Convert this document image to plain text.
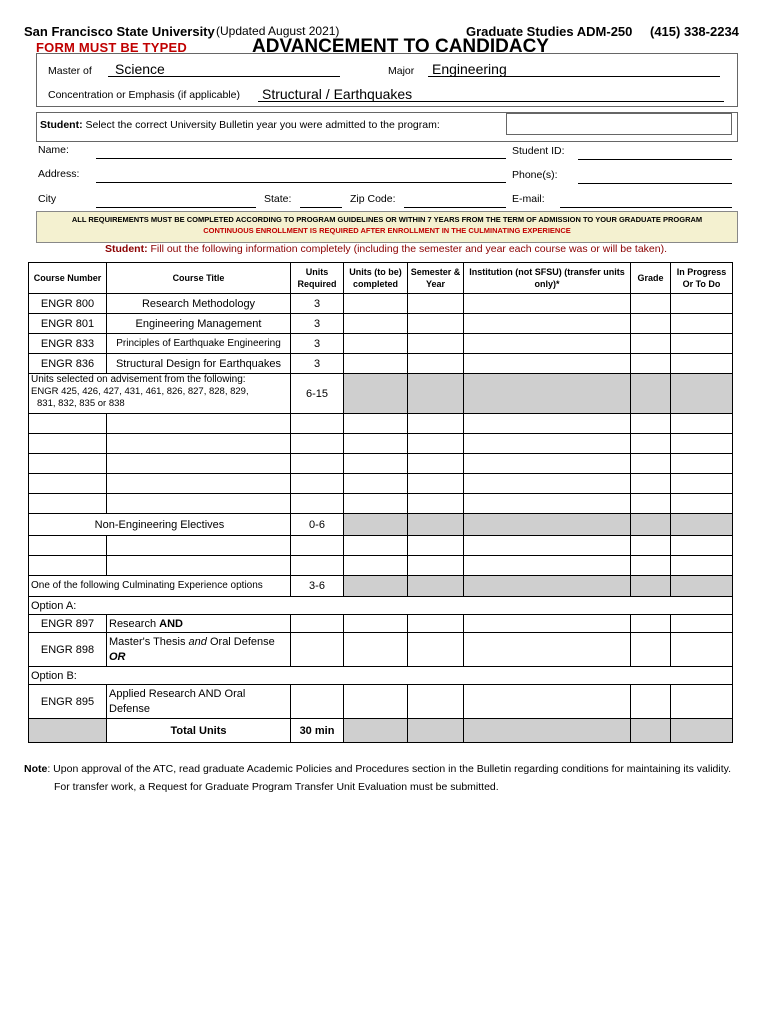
San Francisco State University (Updated August 2021)	Graduate Studies ADM-250 (415) 338-2234
FORM MUST BE TYPED	ADVANCEMENT TO CANDIDACY
Master of Science	Major Engineering
Concentration or Emphasis (if applicable) Structural / Earthquakes
Student: Select the correct University Bulletin year you were admitted to the program:
Name:	Student ID:
Address:	Phone(s):
City	State:	Zip Code:	E-mail:
ALL REQUIREMENTS MUST BE COMPLETED ACCORDING TO PROGRAM GUIDELINES OR WITHIN 7 YEARS FROM THE TERM OF ADMISSION TO YOUR GRADUATE PROGRAM
CONTINUOUS ENROLLMENT IS REQUIRED AFTER ENROLLMENT IN THE CULMINATING EXPERIENCE
Student: Fill out the following information completely (including the semester and year each course was or will be taken).
Course Number	Course Title	Units Required	Units (to be) completed	Semester & Year	Institution (not SFSU) (transfer units only)*	Grade	In Progress Or To Do
ENGR 800	Research Methodology	3					
ENGR 801	Engineering Management	3					
ENGR 833	Principles of Earthquake Engineering	3					
ENGR 836	Structural Design for Earthquakes	3					

Units selected on advisement from the following:
ENGR 425, 426, 427, 431, 461, 826, 827, 828, 829,
831, 832, 835 or 838		6-15					

Non-Engineering Electives		0-6					

One of the following Culminating Experience options		3-6					
Option A:							
ENGR 897	Research AND						
ENGR 898	Master's Thesis and Oral Defense
OR						
Option B:							
ENGR 895	Applied Research AND Oral
Defense						

	Total Units	30 min					
Note: Upon approval of the ATC, read graduate Academic Policies and Procedures section in the Bulletin regarding conditions for maintaining its validity.
For transfer work, a Request for Graduate Program Transfer Unit Evaluation must be submitted.
